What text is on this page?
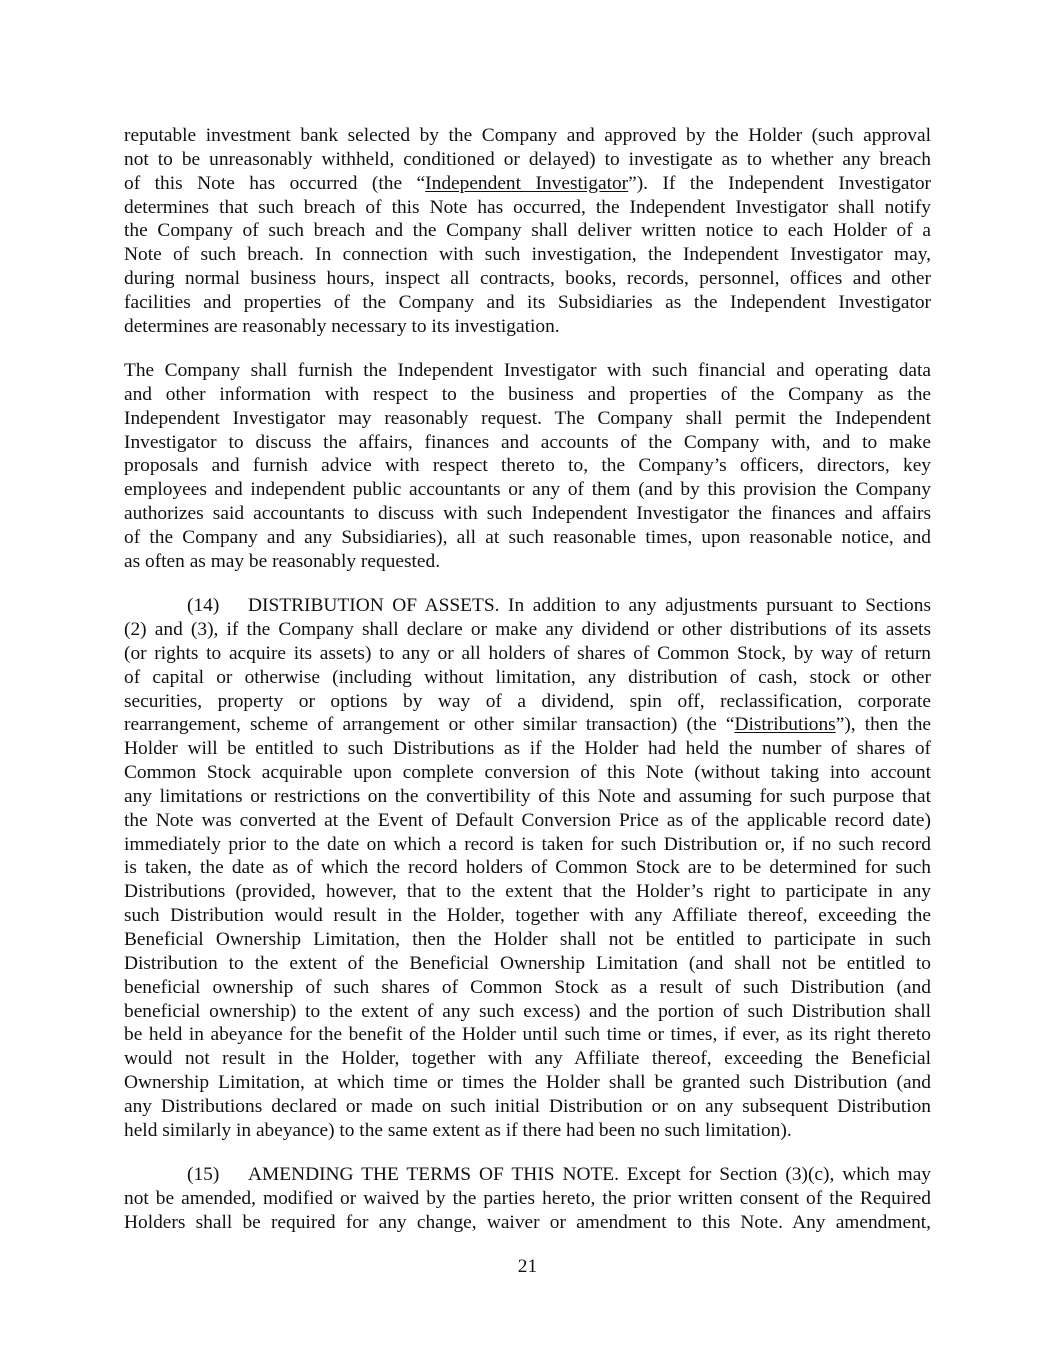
reputable investment bank selected by the Company and approved by the Holder (such approval
not to be unreasonably withheld, conditioned or delayed) to investigate as to whether any breach
of this Note has occurred (the “Independent Investigator”). If the Independent Investigator
determines that such breach of this Note has occurred, the Independent Investigator shall notify
the Company of such breach and the Company shall deliver written notice to each Holder of a
Note of such breach. In connection with such investigation, the Independent Investigator may,
during normal business hours, inspect all contracts, books, records, personnel, offices and other
facilities and properties of the Company and its Subsidiaries as the Independent Investigator
determines are reasonably necessary to its investigation.
The Company shall furnish the Independent Investigator with such financial and operating data
and other information with respect to the business and properties of the Company as the
Independent Investigator may reasonably request. The Company shall permit the Independent
Investigator to discuss the affairs, finances and accounts of the Company with, and to make
proposals and furnish advice with respect thereto to, the Company’s officers, directors, key
employees and independent public accountants or any of them (and by this provision the Company
authorizes said accountants to discuss with such Independent Investigator the finances and affairs
of the Company and any Subsidiaries), all at such reasonable times, upon reasonable notice, and
as often as may be reasonably requested.
(14) DISTRIBUTION OF ASSETS. In addition to any adjustments pursuant to Sections
(2) and (3), if the Company shall declare or make any dividend or other distributions of its assets
(or rights to acquire its assets) to any or all holders of shares of Common Stock, by way of return
of capital or otherwise (including without limitation, any distribution of cash, stock or other
securities, property or options by way of a dividend, spin off, reclassification, corporate
rearrangement, scheme of arrangement or other similar transaction) (the “Distributions”), then the
Holder will be entitled to such Distributions as if the Holder had held the number of shares of
Common Stock acquirable upon complete conversion of this Note (without taking into account
any limitations or restrictions on the convertibility of this Note and assuming for such purpose that
the Note was converted at the Event of Default Conversion Price as of the applicable record date)
immediately prior to the date on which a record is taken for such Distribution or, if no such record
is taken, the date as of which the record holders of Common Stock are to be determined for such
Distributions (provided, however, that to the extent that the Holder’s right to participate in any
such Distribution would result in the Holder, together with any Affiliate thereof, exceeding the
Beneficial Ownership Limitation, then the Holder shall not be entitled to participate in such
Distribution to the extent of the Beneficial Ownership Limitation (and shall not be entitled to
beneficial ownership of such shares of Common Stock as a result of such Distribution (and
beneficial ownership) to the extent of any such excess) and the portion of such Distribution shall
be held in abeyance for the benefit of the Holder until such time or times, if ever, as its right thereto
would not result in the Holder, together with any Affiliate thereof, exceeding the Beneficial
Ownership Limitation, at which time or times the Holder shall be granted such Distribution (and
any Distributions declared or made on such initial Distribution or on any subsequent Distribution
held similarly in abeyance) to the same extent as if there had been no such limitation).
(15) AMENDING THE TERMS OF THIS NOTE. Except for Section (3)(c), which may
not be amended, modified or waived by the parties hereto, the prior written consent of the Required
Holders shall be required for any change, waiver or amendment to this Note. Any amendment,
21
